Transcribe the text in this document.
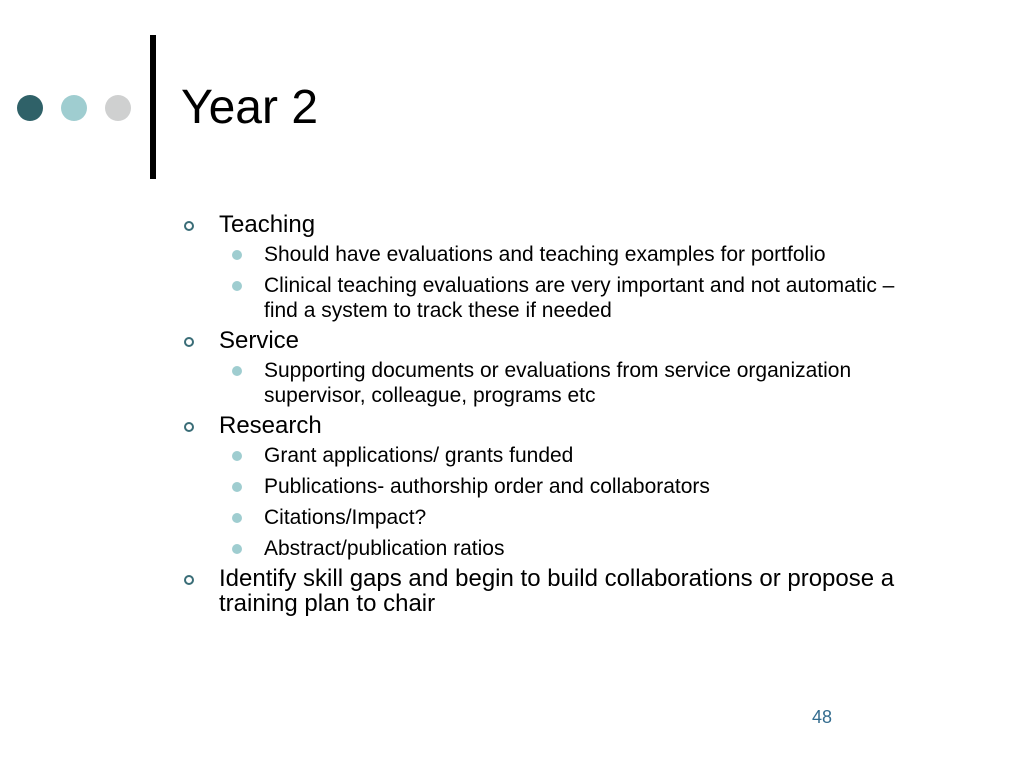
Year 2
Teaching
Should have evaluations and teaching examples for portfolio
Clinical teaching evaluations are very important and not automatic – find a system to track these if needed
Service
Supporting documents or evaluations from service organization supervisor, colleague, programs etc
Research
Grant applications/ grants funded
Publications- authorship order and collaborators
Citations/Impact?
Abstract/publication ratios
Identify skill gaps and begin to build collaborations or propose a training plan to chair
48
